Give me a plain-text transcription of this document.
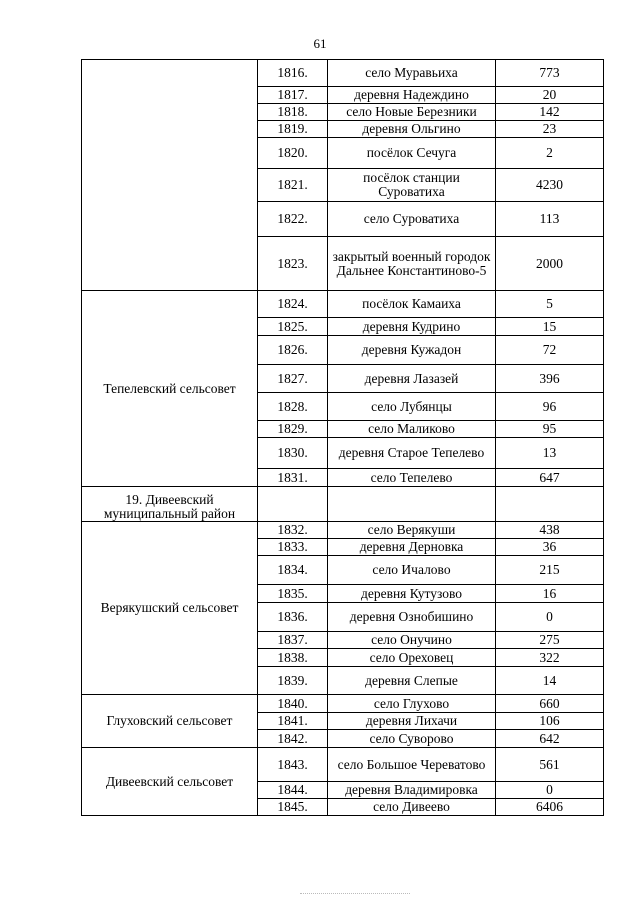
61
	1816.	село Муравьиха	773
	1817.	деревня Надеждино	20
	1818.	село Новые Березники	142
	1819.	деревня Ольгино	23
	1820.	посёлок Сечуга	2
	1821.	посёлок станции Суроватиха	4230
	1822.	село Суроватиха	113
	1823.	закрытый военный городок Дальнее Константиново-5	2000
Тепелевский сельсовет	1824.	посёлок Камаиха	5
	1825.	деревня Кудрино	15
	1826.	деревня Кужадон	72
	1827.	деревня Лазазей	396
	1828.	село Лубянцы	96
	1829.	село Маликово	95
	1830.	деревня Старое Тепелево	13
	1831.	село Тепелево	647
19. Дивеевский муниципальный район			
Верякушский сельсовет	1832.	село Верякуши	438
	1833.	деревня Дерновка	36
	1834.	село Ичалово	215
	1835.	деревня Кутузово	16
	1836.	деревня Ознобишино	0
	1837.	село Онучино	275
	1838.	село Ореховец	322
	1839.	деревня Слепые	14
Глуховский сельсовет	1840.	село Глухово	660
	1841.	деревня Лихачи	106
	1842.	село Суворово	642
Дивеевский сельсовет	1843.	село Большое Череватово	561
	1844.	деревня Владимировка	0
	1845.	село Дивеево	6406
